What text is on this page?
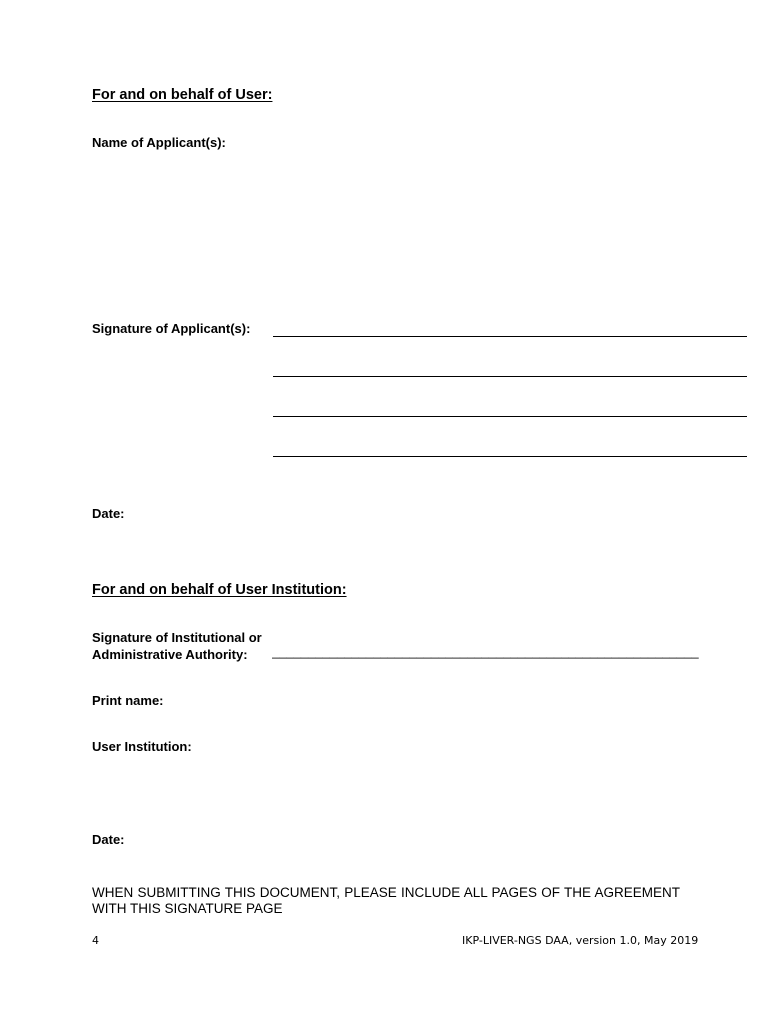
For and on behalf of User:
Name of Applicant(s):
Signature of Applicant(s):
Date:
For and on behalf of User Institution:
Signature of Institutional or
Administrative Authority: ___________________________________________________________
Print name:
User Institution:
Date:
WHEN SUBMITTING THIS DOCUMENT, PLEASE INCLUDE ALL PAGES OF THE AGREEMENT WITH THIS SIGNATURE PAGE
4	IKP-LIVER-NGS DAA, version 1.0, May 2019
